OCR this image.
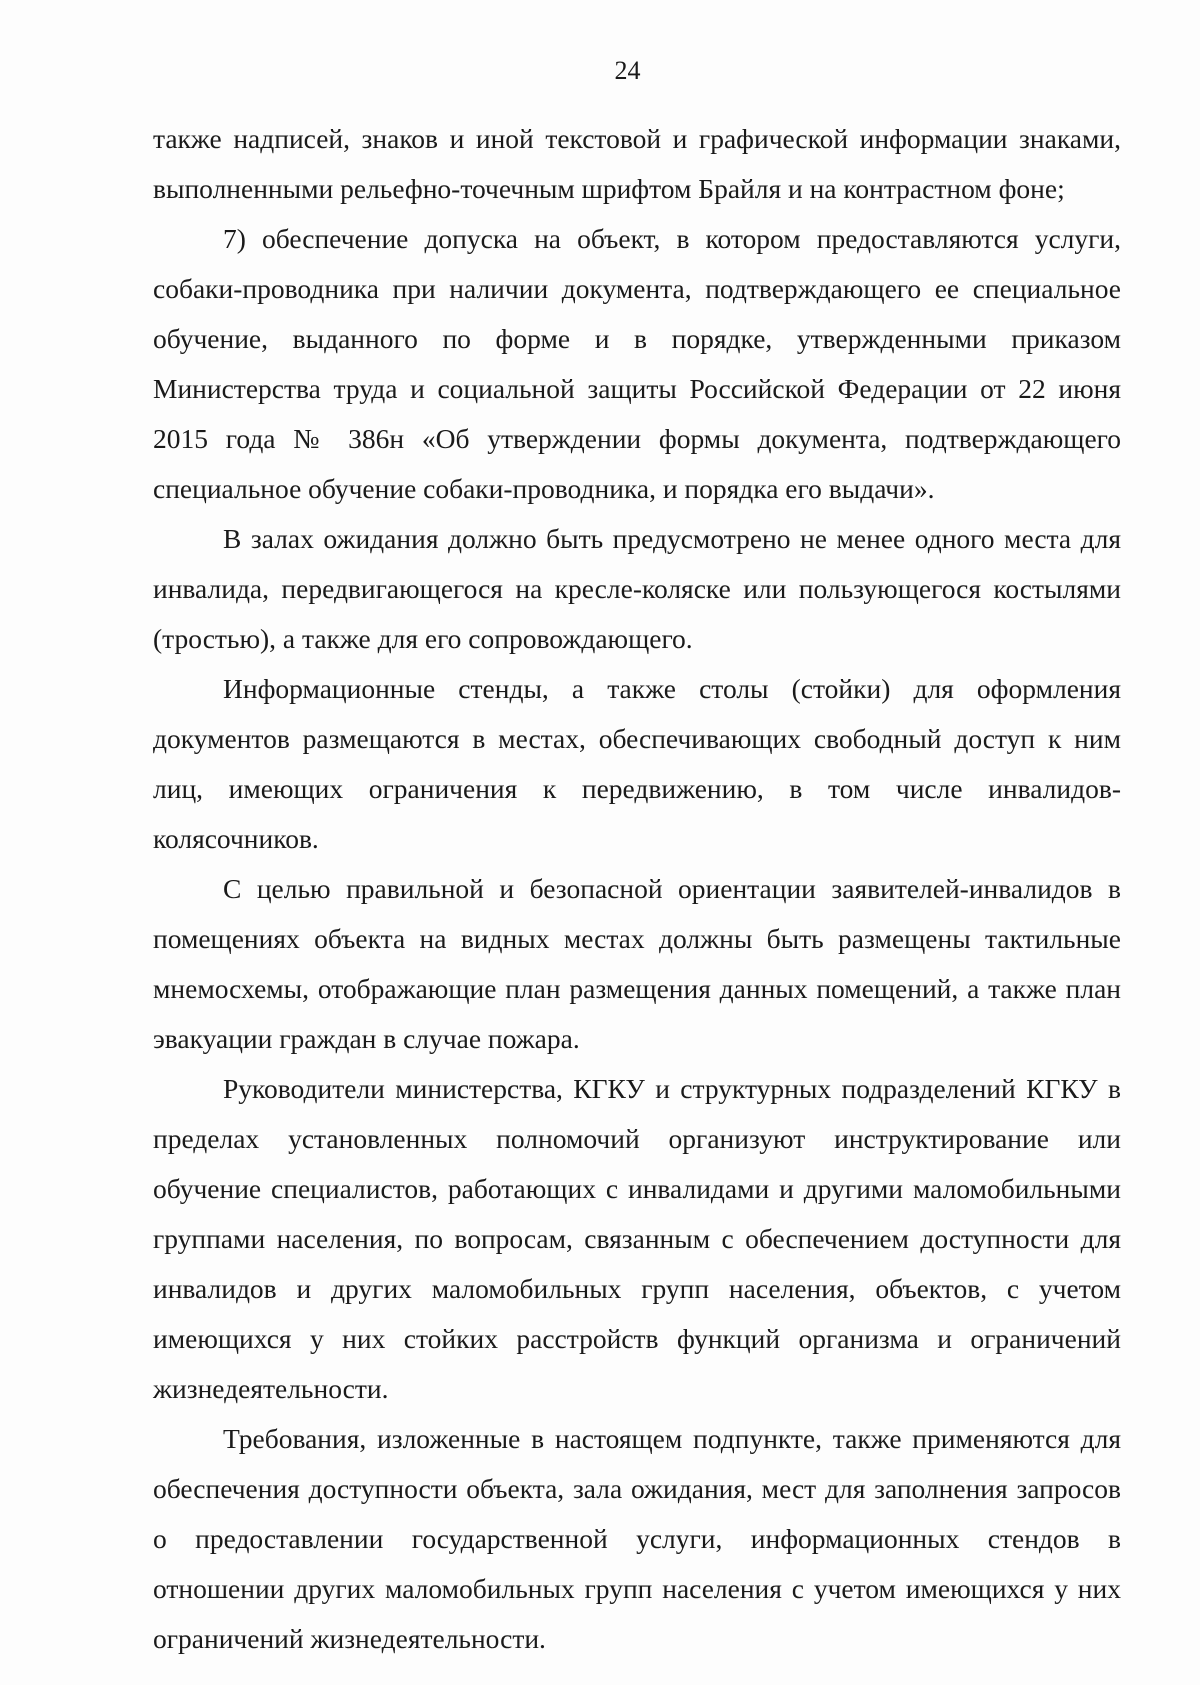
24

также надписей, знаков и иной текстовой и графической информации знаками, выполненными рельефно-точечным шрифтом Брайля и на контрастном фоне;

7) обеспечение допуска на объект, в котором предоставляются услуги, собаки-проводника при наличии документа, подтверждающего ее специальное обучение, выданного по форме и в порядке, утвержденными приказом Министерства труда и социальной защиты Российской Федерации от 22 июня 2015 года № 386н «Об утверждении формы документа, подтверждающего специальное обучение собаки-проводника, и порядка его выдачи».

В залах ожидания должно быть предусмотрено не менее одного места для инвалида, передвигающегося на кресле-коляске или пользующегося костылями (тростью), а также для его сопровождающего.

Информационные стенды, а также столы (стойки) для оформления документов размещаются в местах, обеспечивающих свободный доступ к ним лиц, имеющих ограничения к передвижению, в том числе инвалидов-колясочников.

С целью правильной и безопасной ориентации заявителей-инвалидов в помещениях объекта на видных местах должны быть размещены тактильные мнемосхемы, отображающие план размещения данных помещений, а также план эвакуации граждан в случае пожара.

Руководители министерства, КГКУ и структурных подразделений КГКУ в пределах установленных полномочий организуют инструктирование или обучение специалистов, работающих с инвалидами и другими маломобильными группами населения, по вопросам, связанным с обеспечением доступности для инвалидов и других маломобильных групп населения, объектов, с учетом имеющихся у них стойких расстройств функций организма и ограничений жизнедеятельности.

Требования, изложенные в настоящем подпункте, также применяются для обеспечения доступности объекта, зала ожидания, мест для заполнения запросов о предоставлении государственной услуги, информационных стендов в отношении других маломобильных групп населения с учетом имеющихся у них ограничений жизнедеятельности.
